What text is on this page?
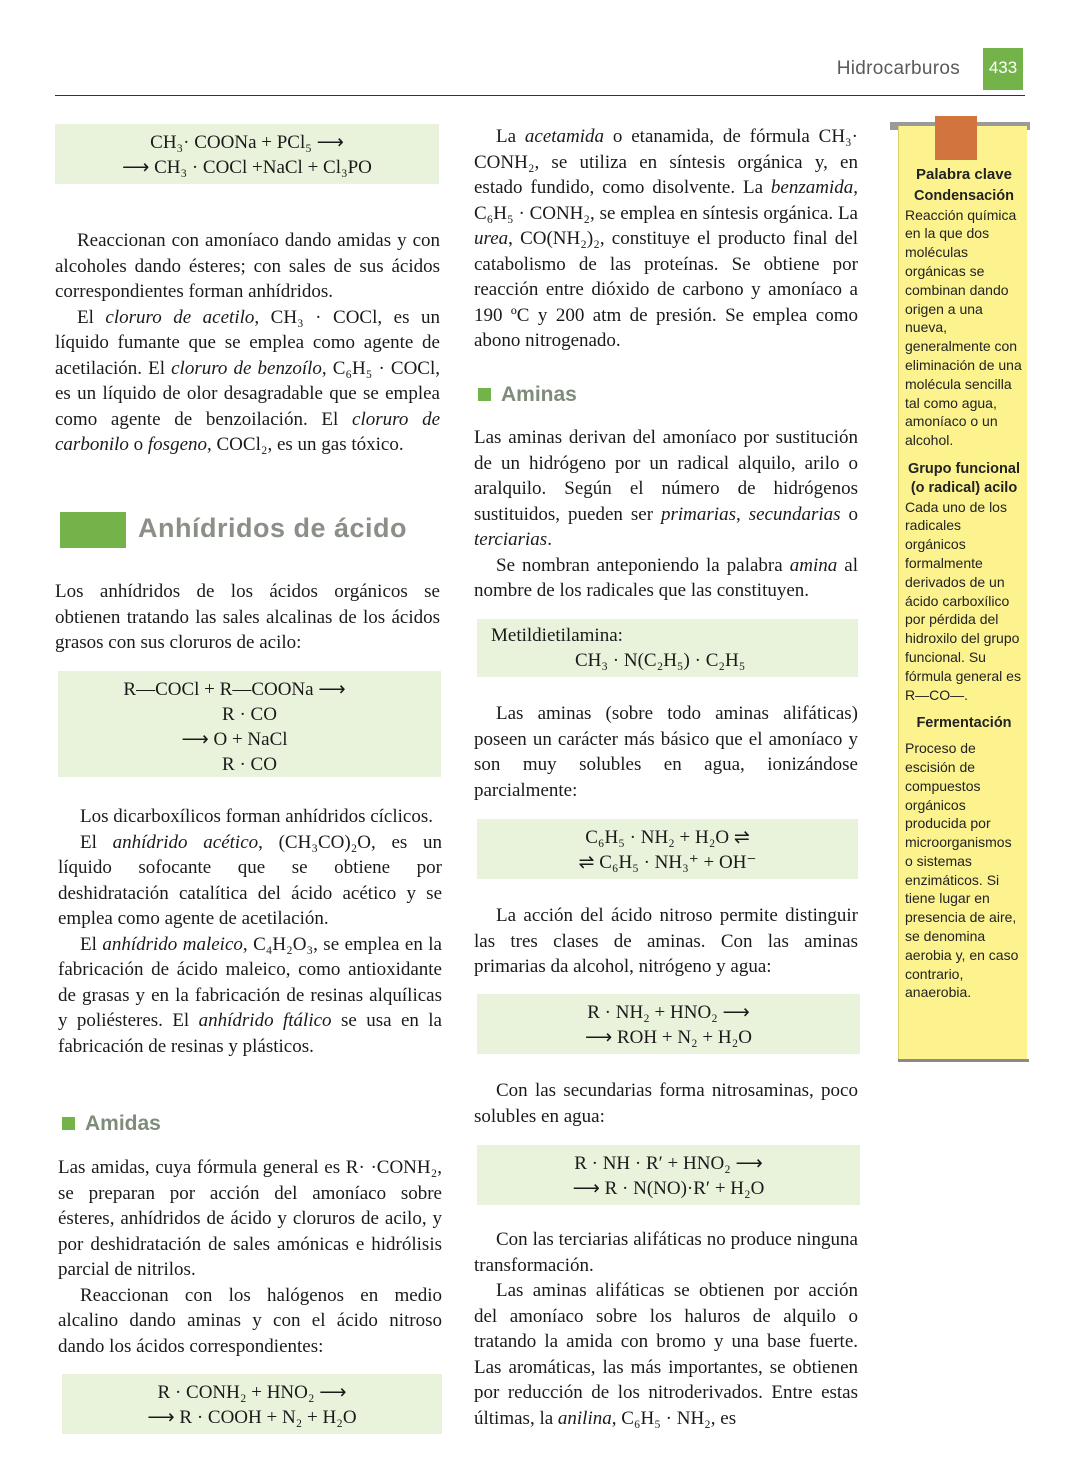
Hidrocarburos	433
CH₃· COONa + PCl₅ ⟶
⟶ CH₃ · COCl +NaCl + Cl₃PO

Reaccionan con amoníaco dando amidas y con alcoholes dando ésteres; con sales de sus ácidos correspondientes forman anhídridos.

El cloruro de acetilo, CH₃ · COCl, es un líquido fumante que se emplea como agente de acetilación. El cloruro de benzoílo, C₆H₅ · COCl, es un líquido de olor desagradable que se emplea como agente de benzoilación. El cloruro de carbonilo o fosgeno, COCl₂, es un gas tóxico.

Anhídridos de ácido

Los anhídridos de los ácidos orgánicos se obtienen tratando las sales alcalinas de los ácidos grasos con sus cloruros de acilo:

R—COCl + R—COONa ⟶
R · CO
⟶ O + NaCl
R · CO

Los dicarboxílicos forman anhídridos cíclicos.

El anhídrido acético, (CH₃CO)₂O, es un líquido sofocante que se obtiene por deshidratación catalítica del ácido acético y se emplea como agente de acetilación.

El anhídrido maleico, C₄H₂O₃, se emplea en la fabricación de ácido maleico, como antioxidante de grasas y en la fabricación de resinas alquílicas y poliésteres. El anhídrido ftálico se usa en la fabricación de resinas y plásticos.

Amidas

Las amidas, cuya fórmula general es R· ·CONH₂, se preparan por acción del amoníaco sobre ésteres, anhídridos de ácido y cloruros de acilo, y por deshidratación de sales amónicas e hidrólisis parcial de nitrilos.

Reaccionan con los halógenos en medio alcalino dando aminas y con el ácido nitroso dando los ácidos correspondientes:

R · CONH₂ + HNO₂ ⟶
⟶ R · COOH + N₂ + H₂O

La acetamida o etanamida, de fórmula CH₃· CONH₂, se utiliza en síntesis orgánica y, en estado fundido, como disolvente. La benzamida, C₆H₅ · CONH₂, se emplea en síntesis orgánica. La urea, CO(NH₂)₂, constituye el producto final del catabolismo de las proteínas. Se obtiene por reacción entre dióxido de carbono y amoníaco a 190 ºC y 200 atm de presión. Se emplea como abono nitrogenado.

Aminas

Las aminas derivan del amoníaco por sustitución de un hidrógeno por un radical alquilo, arilo o aralquilo. Según el número de hidrógenos sustituidos, pueden ser primarias, secundarias o terciarias.

Se nombran anteponiendo la palabra amina al nombre de los radicales que las constituyen.

Metildietilamina:
CH₃ · N(C₂H₅) · C₂H₅

Las aminas (sobre todo aminas alifáticas) poseen un carácter más básico que el amoníaco y son muy solubles en agua, ionizándose parcialmente:

C₆H₅ · NH₂ + H₂O ⇌
⇌ C₆H₅ · NH₃⁺ + OH⁻

La acción del ácido nitroso permite distinguir las tres clases de aminas. Con las aminas primarias da alcohol, nitrógeno y agua:

R · NH₂ + HNO₂ ⟶
⟶ ROH + N₂ + H₂O

Con las secundarias forma nitrosaminas, poco solubles en agua:

R · NH · R′ + HNO₂ ⟶
⟶ R · N(NO)·R′ + H₂O

Con las terciarias alifáticas no produce ninguna transformación.

Las aminas alifáticas se obtienen por acción del amoníaco sobre los haluros de alquilo o tratando la amida con bromo y una base fuerte. Las aromáticas, las más importantes, se obtienen por reducción de los nitroderivados. Entre estas últimas, la anilina, C₆H₅ · NH₂, es

Palabra clave
Condensación
Reacción química en la que dos moléculas orgánicas se combinan dando origen a una nueva, generalmente con eliminación de una molécula sencilla tal como agua, amoníaco o un alcohol.
Grupo funcional (o radical) acilo
Cada uno de los radicales orgánicos formalmente derivados de un ácido carboxílico por pérdida del hidroxilo del grupo funcional. Su fórmula general es R—CO—.
Fermentación
Proceso de escisión de compuestos orgánicos producida por microorganismos o sistemas enzimáticos. Si tiene lugar en presencia de aire, se denomina aerobia y, en caso contrario, anaerobia.
